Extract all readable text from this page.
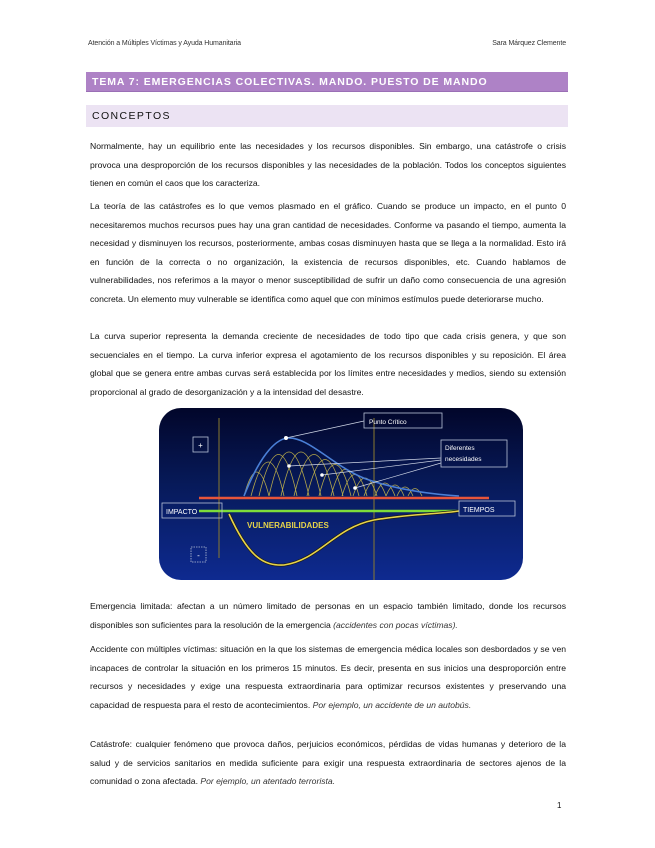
Atención a Múltiples Víctimas y Ayuda Humanitaria	Sara Márquez Clemente
TEMA 7: EMERGENCIAS COLECTIVAS. MANDO. PUESTO DE MANDO
CONCEPTOS
Normalmente, hay un equilibrio ente las necesidades y los recursos disponibles. Sin embargo, una catástrofe o crisis provoca una desproporción de los recursos disponibles y las necesidades de la población. Todos los conceptos siguientes tienen en común el caos que los caracteriza.
La teoría de las catástrofes es lo que vemos plasmado en el gráfico. Cuando se produce un impacto, en el punto 0 necesitaremos muchos recursos pues hay una gran cantidad de necesidades. Conforme va pasando el tiempo, aumenta la necesidad y disminuyen los recursos, posteriormente, ambas cosas disminuyen hasta que se llega a la normalidad. Esto irá en función de la correcta o no organización, la existencia de recursos disponibles, etc. Cuando hablamos de vulnerabilidades, nos referimos a la mayor o menor susceptibilidad de sufrir un daño como consecuencia de una agresión concreta. Un elemento muy vulnerable se identifica como aquel que con mínimos estímulos puede deteriorarse mucho.
La curva superior representa la demanda creciente de necesidades de todo tipo que cada crisis genera, y que son secuenciales en el tiempo. La curva inferior expresa el agotamiento de los recursos disponibles y su reposición. El área global que se genera entre ambas curvas será establecida por los límites entre necesidades y medios, siendo su extensión proporcional al grado de desorganización y a la intensidad del desastre.
+
-
IMPACTO	TIEMPOS
Punto Crítico
Diferentes
necesidades
VULNERABILIDADES
Emergencia limitada: afectan a un número limitado de personas en un espacio también limitado, donde los recursos disponibles son suficientes para la resolución de la emergencia (accidentes con pocas víctimas).
Accidente con múltiples víctimas: situación en la que los sistemas de emergencia médica locales son desbordados y se ven incapaces de controlar la situación en los primeros 15 minutos. Es decir, presenta en sus inicios una desproporción entre recursos y necesidades y exige una respuesta extraordinaria para optimizar recursos existentes y preservando una capacidad de respuesta para el resto de acontecimientos. Por ejemplo, un accidente de un autobús.
Catástrofe: cualquier fenómeno que provoca daños, perjuicios económicos, pérdidas de vidas humanas y deterioro de la salud y de servicios sanitarios en medida suficiente para exigir una respuesta extraordinaria de sectores ajenos de la comunidad o zona afectada. Por ejemplo, un atentado terrorista.
1
